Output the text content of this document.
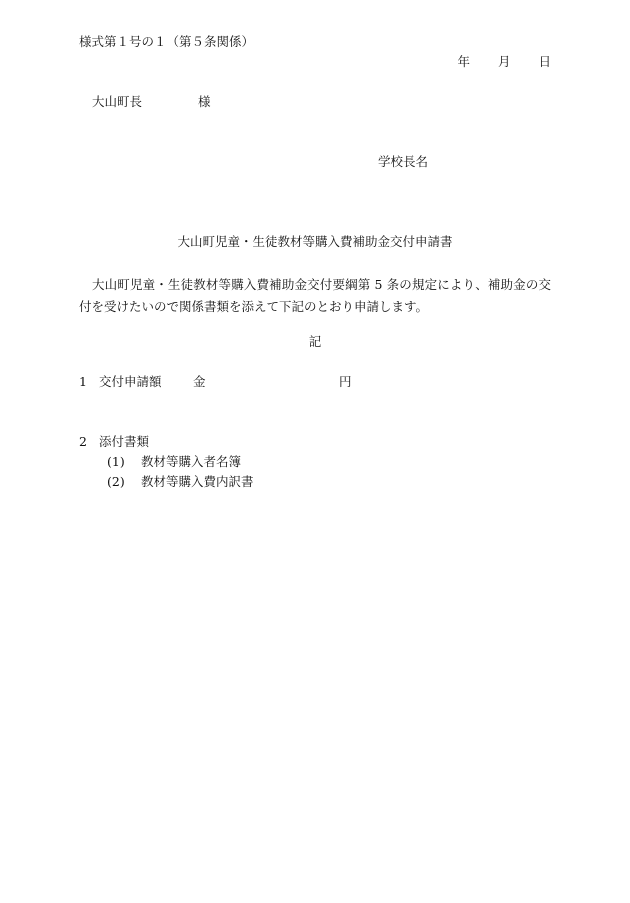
様式第１号の１（第５条関係）
年 月 日
大山町長	様
学校長名
大山町児童・生徒教材等購入費補助金交付申請書
大山町児童・生徒教材等購入費補助金交付要綱第 5 条の規定により、補助金の交付を受けたいので関係書類を添えて下記のとおり申請します。
記
1 交付申請額	金	円
2 添付書類
(1) 教材等購入者名簿
(2) 教材等購入費内訳書
